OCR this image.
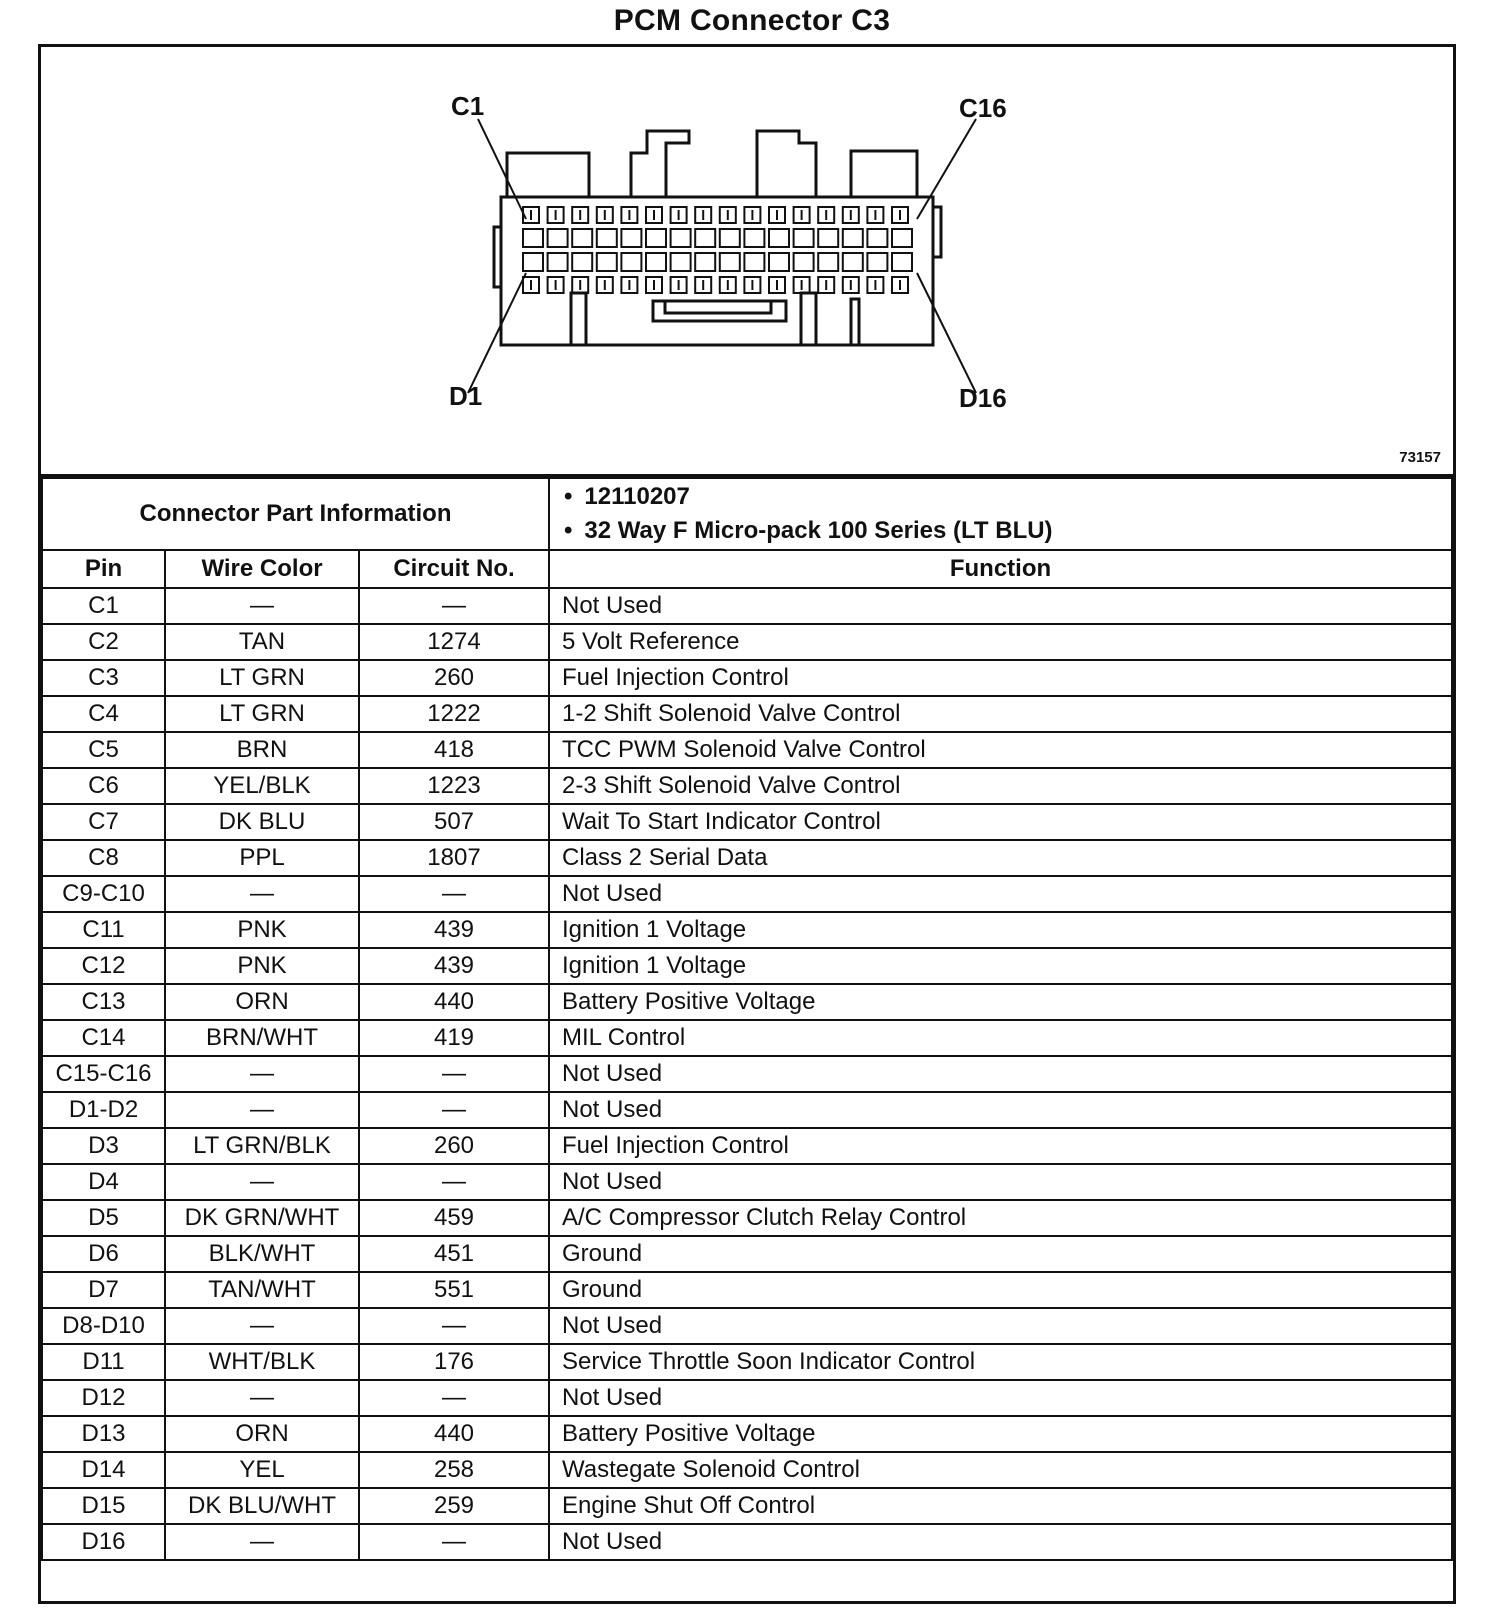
PCM Connector C3
C1	C16
D1	D16
73157
Connector Part Information			• 12110207
• 32 Way F Micro-pack 100 Series (LT BLU)

Pin	Wire Color	Circuit No.	Function
C1	—	—	Not Used
C2	TAN	1274	5 Volt Reference
C3	LT GRN	260	Fuel Injection Control
C4	LT GRN	1222	1-2 Shift Solenoid Valve Control
C5	BRN	418	TCC PWM Solenoid Valve Control
C6	YEL/BLK	1223	2-3 Shift Solenoid Valve Control
C7	DK BLU	507	Wait To Start Indicator Control
C8	PPL	1807	Class 2 Serial Data
C9-C10	—	—	Not Used
C11	PNK	439	Ignition 1 Voltage
C12	PNK	439	Ignition 1 Voltage
C13	ORN	440	Battery Positive Voltage
C14	BRN/WHT	419	MIL Control
C15-C16	—	—	Not Used
D1-D2	—	—	Not Used
D3	LT GRN/BLK	260	Fuel Injection Control
D4	—	—	Not Used
D5	DK GRN/WHT	459	A/C Compressor Clutch Relay Control
D6	BLK/WHT	451	Ground
D7	TAN/WHT	551	Ground
D8-D10	—	—	Not Used
D11	WHT/BLK	176	Service Throttle Soon Indicator Control
D12	—	—	Not Used
D13	ORN	440	Battery Positive Voltage
D14	YEL	258	Wastegate Solenoid Control
D15	DK BLU/WHT	259	Engine Shut Off Control
D16	—	—	Not Used
